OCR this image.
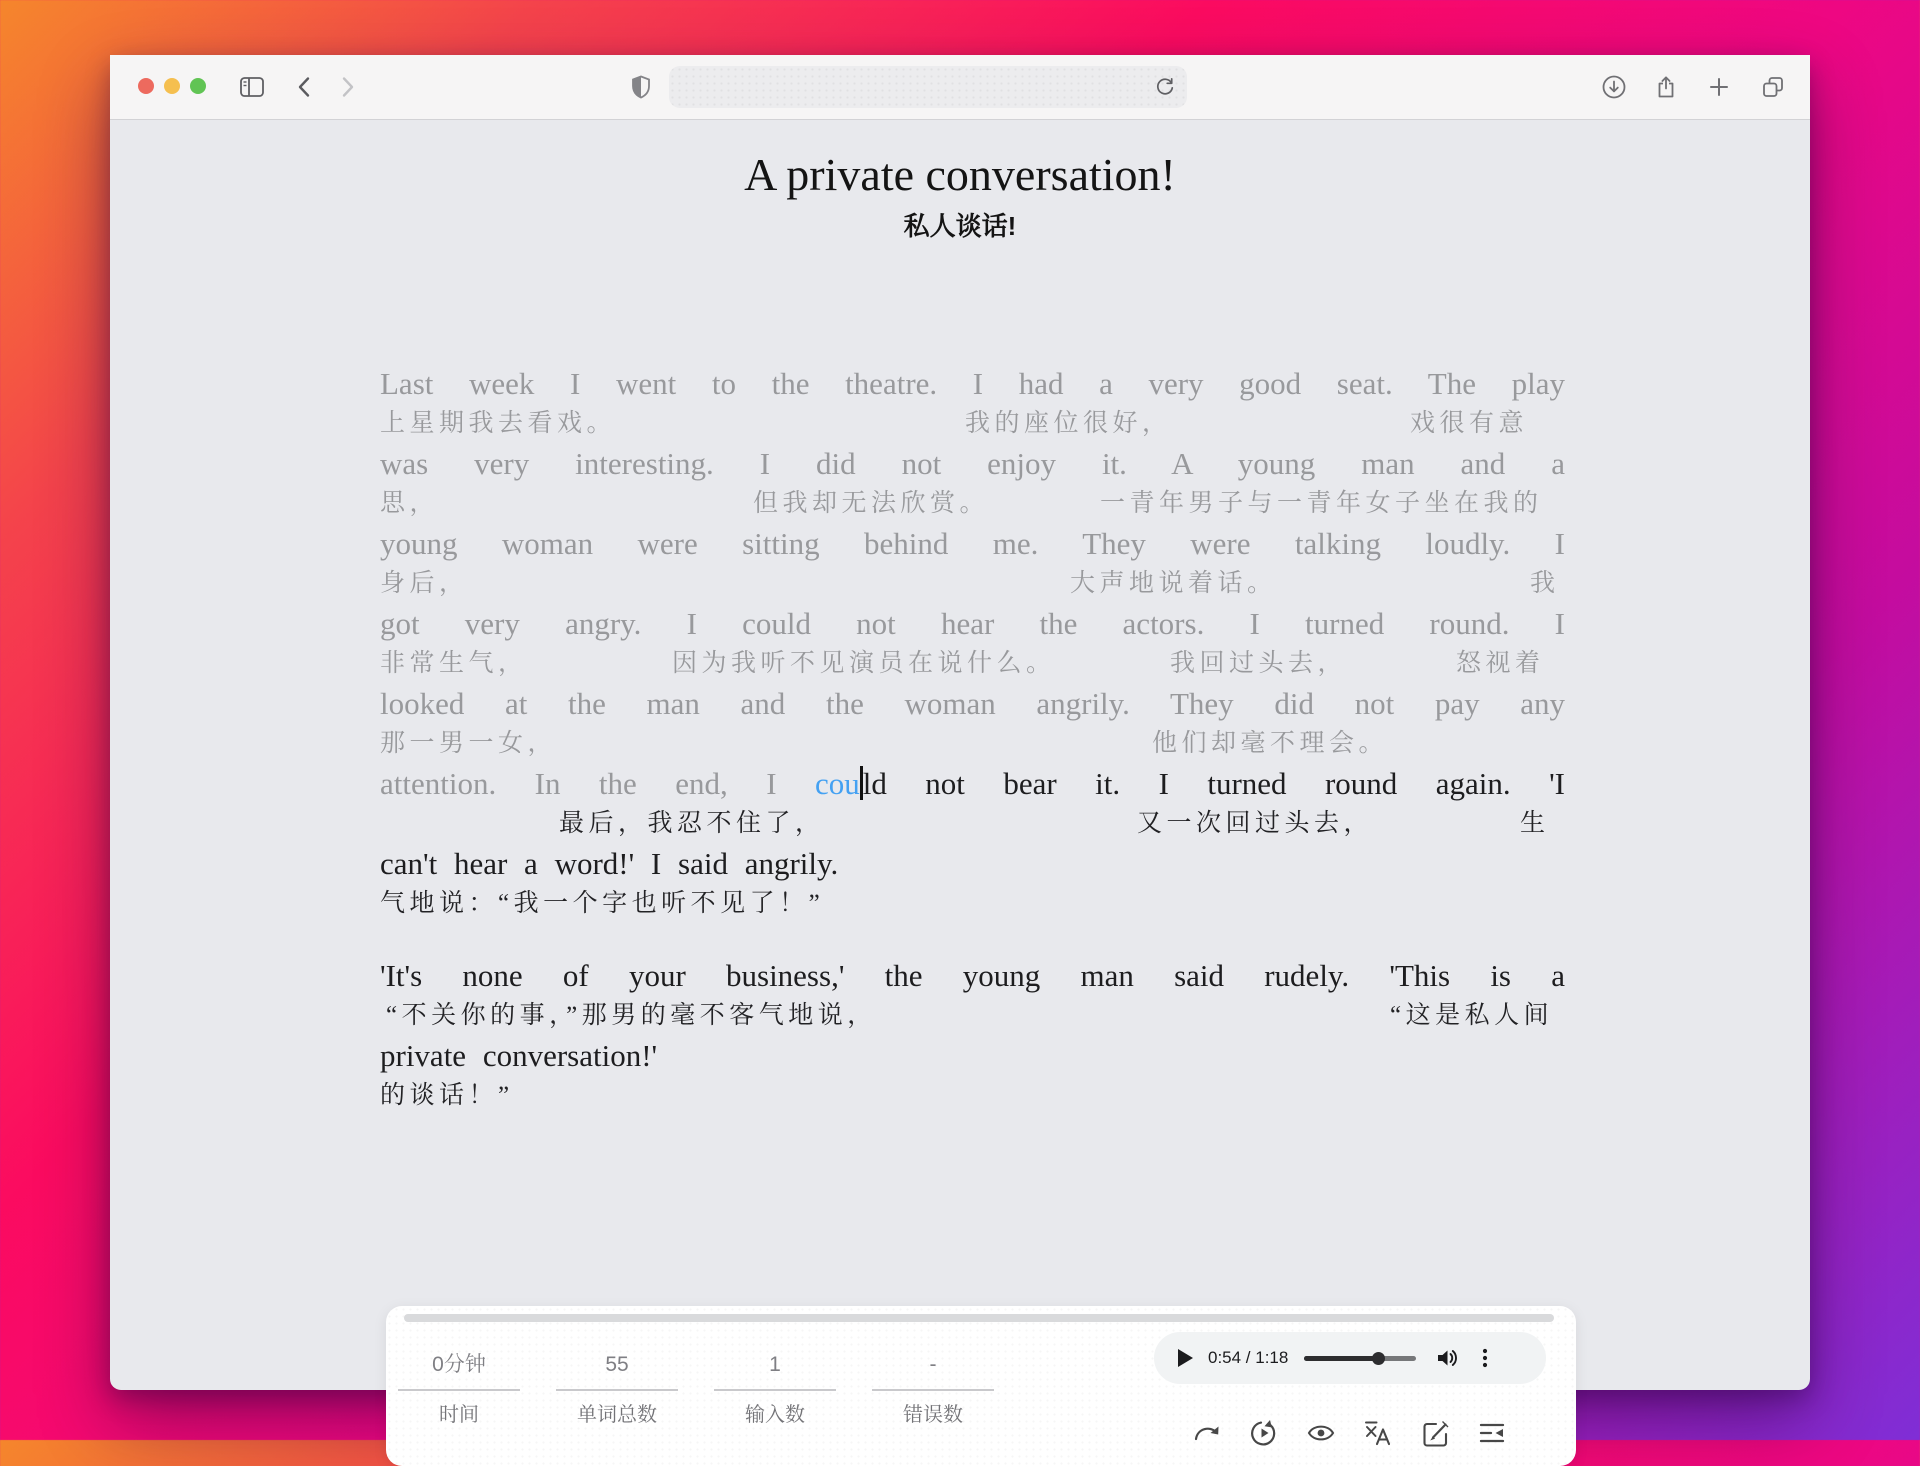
A private conversation!
私人谈话!
Last week I went to the theatre. I had a very good seat. The play
上星期我去看戏。	我的座位很好，	戏很有意
was very interesting. I did not enjoy it. A young man and a
思，	但我却无法欣赏。	一青年男子与一青年女子坐在我的
young woman were sitting behind me. They were talking loudly. I
身后，	大声地说着话。	我
got very angry. I could not hear the actors. I turned round. I
非常生气，	因为我听不见演员在说什么。	我回过头去，	怒视着
looked at the man and the woman angrily. They did not pay any
那一男一女，	他们却毫不理会。
attention. In the end, I could not bear it. I turned round again. 'I
最后，我忍不住了，	又一次回过头去，	生
can't hear a word!' I said angrily.
气地说：“我一个字也听不见了！”
'It's none of your business,' the young man said rudely. 'This is a
“不关你的事，”那男的毫不客气地说，	“这是私人间
private conversation!'
的谈话！”
0分钟
时间
55
单词总数
1
输入数
-
错误数
0:54 / 1:18
